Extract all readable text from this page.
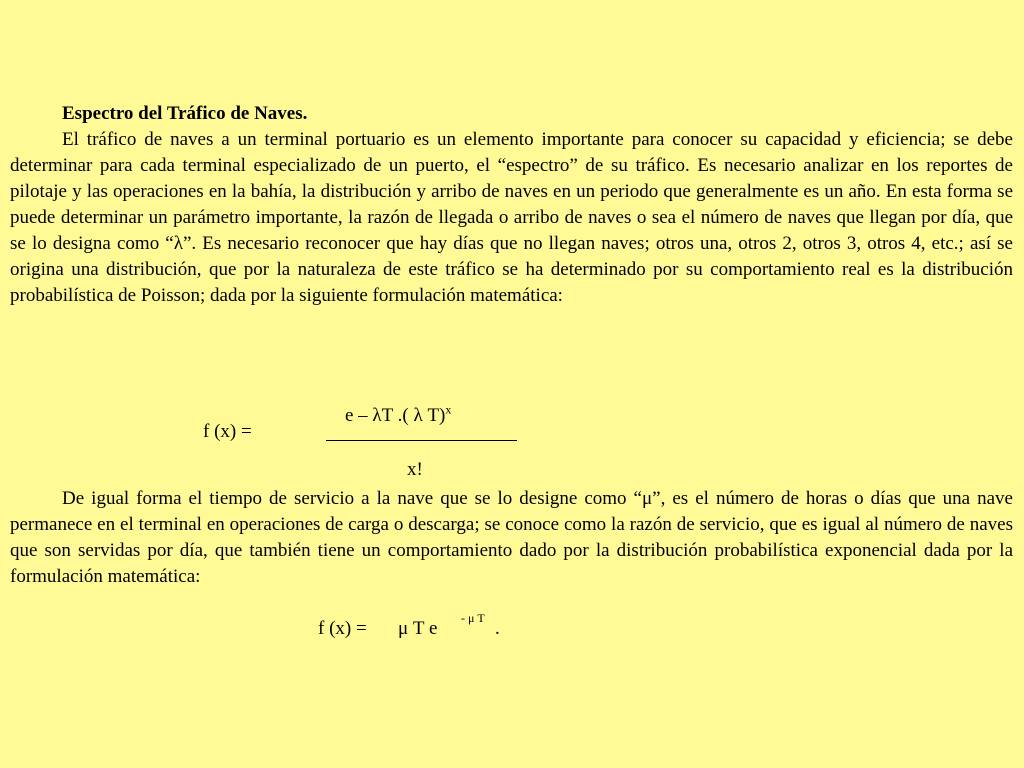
Espectro del Tráfico de Naves.
El tráfico de naves a un terminal portuario es un elemento importante para conocer su capacidad y eficiencia; se debe determinar para cada terminal especializado de un puerto, el “espectro” de su tráfico. Es necesario analizar en los reportes de pilotaje y las operaciones en la bahía, la distribución y arribo de naves en un periodo que generalmente es un año. En esta forma se puede determinar un parámetro importante, la razón de llegada o arribo de naves o sea el número de naves que llegan por día, que se lo designa como “λ”. Es necesario reconocer que hay días que no llegan naves; otros una, otros 2, otros 3, otros 4, etc.; así se origina una distribución, que por la naturaleza de este tráfico se ha determinado por su comportamiento real es la distribución probabilística de Poisson; dada por la siguiente formulación matemática:
f (x) =
e – λT .( λ T)$^x$
x!
De igual forma el tiempo de servicio a la nave que se lo designe como “μ”, es el número de horas o días que una nave permanece en el terminal en operaciones de carga o descarga; se conoce como la razón de servicio, que es igual al número de naves que son servidas por día, que también tiene un comportamiento dado por la distribución probabilística exponencial dada por la formulación matemática:
f (x) = μ T e - μ T .
